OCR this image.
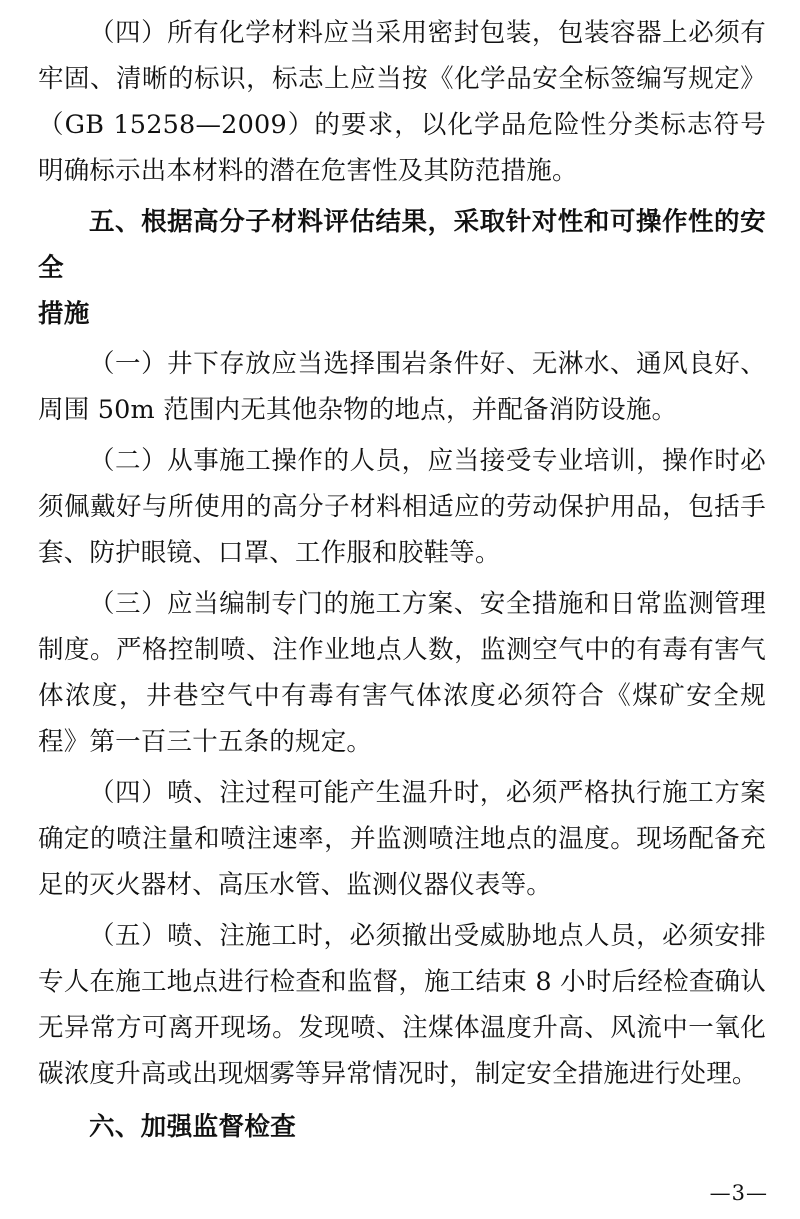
（四）所有化学材料应当采用密封包装，包装容器上必须有牢固、清晰的标识，标志上应当按《化学品安全标签编写规定》（GB 15258—2009）的要求，以化学品危险性分类标志符号明确标示出本材料的潜在危害性及其防范措施。

五、根据高分子材料评估结果，采取针对性和可操作性的安全
措施

（一）井下存放应当选择围岩条件好、无淋水、通风良好、周围 50m 范围内无其他杂物的地点，并配备消防设施。

（二）从事施工操作的人员，应当接受专业培训，操作时必须佩戴好与所使用的高分子材料相适应的劳动保护用品，包括手套、防护眼镜、口罩、工作服和胶鞋等。

（三）应当编制专门的施工方案、安全措施和日常监测管理制度。严格控制喷、注作业地点人数，监测空气中的有毒有害气体浓度，井巷空气中有毒有害气体浓度必须符合《煤矿安全规程》第一百三十五条的规定。

（四）喷、注过程可能产生温升时，必须严格执行施工方案确定的喷注量和喷注速率，并监测喷注地点的温度。现场配备充足的灭火器材、高压水管、监测仪器仪表等。

（五）喷、注施工时，必须撤出受威胁地点人员，必须安排专人在施工地点进行检查和监督，施工结束 8 小时后经检查确认无异常方可离开现场。发现喷、注煤体温度升高、风流中一氧化碳浓度升高或出现烟雾等异常情况时，制定安全措施进行处理。

六、加强监督检查
—3—
